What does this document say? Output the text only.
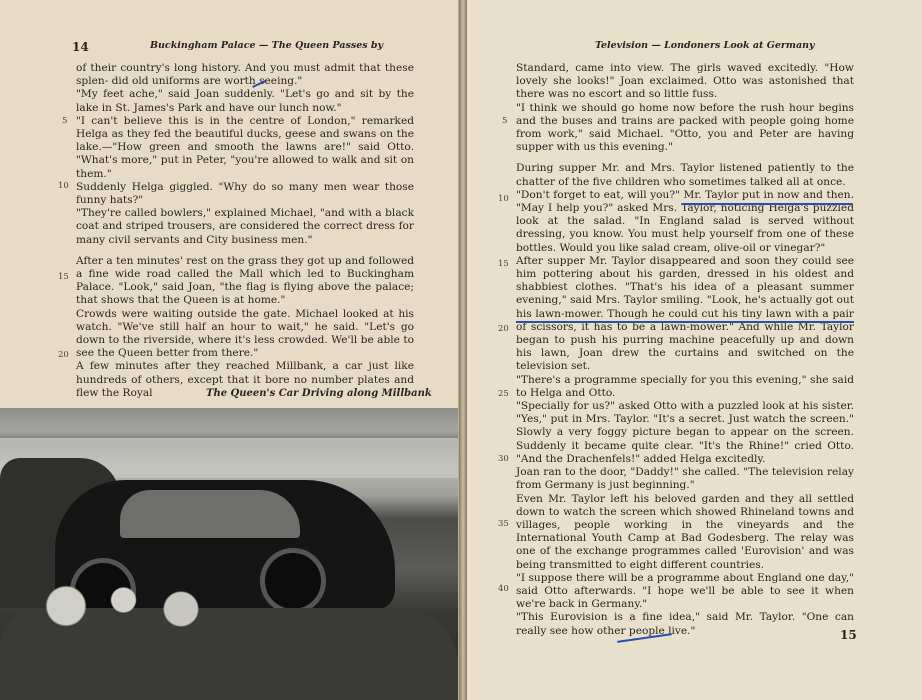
14	Buckingham Palace — The Queen Passes by
5
10
15
20

of their country's long history. And you must admit that these splen- did old uniforms are worth seeing."

"My feet ache," said Joan suddenly. "Let's go and sit by the lake in St. James's Park and have our lunch now."

"I can't believe this is in the centre of London," remarked Helga as they fed the beautiful ducks, geese and swans on the lake.—"How green and smooth the lawns are!" said Otto. "What's more," put in Peter, "you're allowed to walk and sit on them."

Suddenly Helga giggled. "Why do so many men wear those funny hats?"

"They're called bowlers," explained Michael, "and with a black coat and striped trousers, are considered the correct dress for many civil servants and City business men."

After a ten minutes' rest on the grass they got up and followed a fine wide road called the Mall which led to Buckingham Palace. "Look," said Joan, "the flag is flying above the palace; that shows that the Queen is at home."

Crowds were waiting outside the gate. Michael looked at his watch. "We've still half an hour to wait," he said. "Let's go down to the riverside, where it's less crowded. We'll be able to see the Queen better from there."

A few minutes after they reached Millbank, a car just like hundreds of others, except that it bore no number plates and flew the Royal	The Queen's Car Driving along Millbank
Television — Londoners Look at Germany
5
10
15
20
25
30
35
40

Standard, came into view. The girls waved excitedly. "How lovely she looks!" Joan exclaimed. Otto was astonished that there was no escort and so little fuss.

"I think we should go home now before the rush hour begins and the buses and trains are packed with people going home from work," said Michael. "Otto, you and Peter are having supper with us this evening."

During supper Mr. and Mrs. Taylor listened patiently to the chatter of the five children who sometimes talked all at once.

"Don't forget to eat, will you?" Mr. Taylor put in now and then. "May I help you?" asked Mrs. Taylor, noticing Helga's puzzled look at the salad. "In England salad is served without dressing, you know. You must help yourself from one of these bottles. Would you like salad cream, olive-oil or vinegar?"

After supper Mr. Taylor disappeared and soon they could see him pottering about his garden, dressed in his oldest and shabbiest clothes. "That's his idea of a pleasant summer evening," said Mrs. Taylor smiling. "Look, he's actually got out his lawn-mower. Though he could cut his tiny lawn with a pair of scissors, it has to be a lawn-mower." And while Mr. Taylor began to push his purring machine peacefully up and down his lawn, Joan drew the curtains and switched on the television set.

"There's a programme specially for you this evening," she said to Helga and Otto.

"Specially for us?" asked Otto with a puzzled look at his sister. "Yes," put in Mrs. Taylor. "It's a secret. Just watch the screen." Slowly a very foggy picture began to appear on the screen. Suddenly it became quite clear. "It's the Rhine!" cried Otto. "And the Drachenfels!" added Helga excitedly.

Joan ran to the door, "Daddy!" she called. "The television relay from Germany is just beginning."

Even Mr. Taylor left his beloved garden and they all settled down to watch the screen which showed Rhineland towns and villages, people working in the vineyards and the International Youth Camp at Bad Godesberg. The relay was one of the exchange programmes called 'Eurovision' and was being transmitted to eight different countries.

"I suppose there will be a programme about England one day," said Otto afterwards. "I hope we'll be able to see it when we're back in Germany."

"This Eurovision is a fine idea," said Mr. Taylor. "One can really see how other people live."	15
